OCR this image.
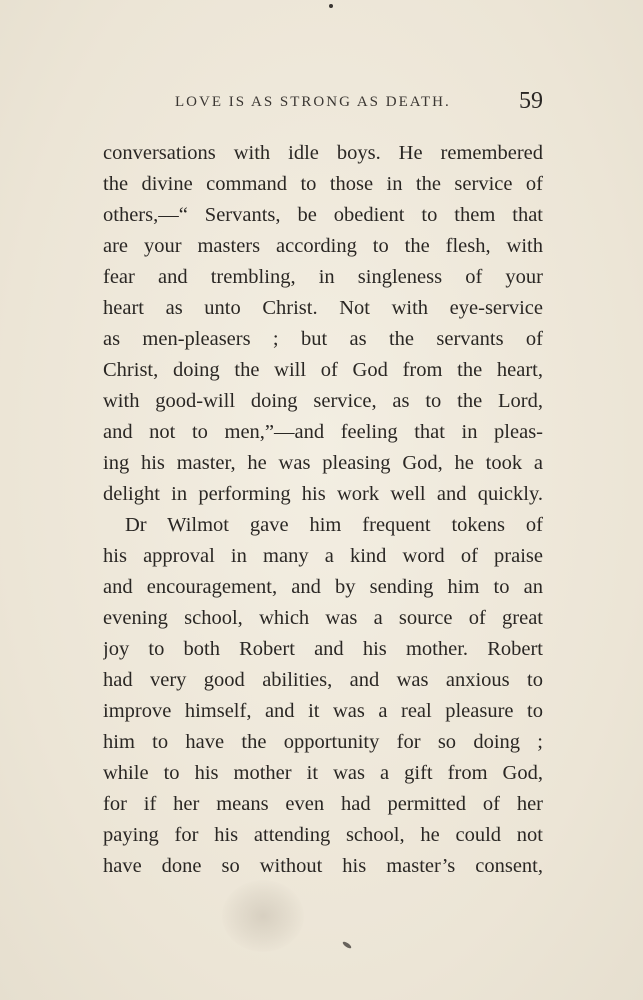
LOVE IS AS STRONG AS DEATH.	59
conversations with idle boys. He remembered
the divine command to those in the service of
others,—“ Servants, be obedient to them that
are your masters according to the flesh, with
fear and trembling, in singleness of your
heart as unto Christ. Not with eye-service
as men-pleasers ; but as the servants of
Christ, doing the will of God from the heart,
with good-will doing service, as to the Lord,
and not to men,”—and feeling that in pleas-
ing his master, he was pleasing God, he took a
delight in performing his work well and quickly.
Dr Wilmot gave him frequent tokens of
his approval in many a kind word of praise
and encouragement, and by sending him to an
evening school, which was a source of great
joy to both Robert and his mother. Robert
had very good abilities, and was anxious to
improve himself, and it was a real pleasure to
him to have the opportunity for so doing ;
while to his mother it was a gift from God,
for if her means even had permitted of her
paying for his attending school, he could not
have done so without his master’s consent,
